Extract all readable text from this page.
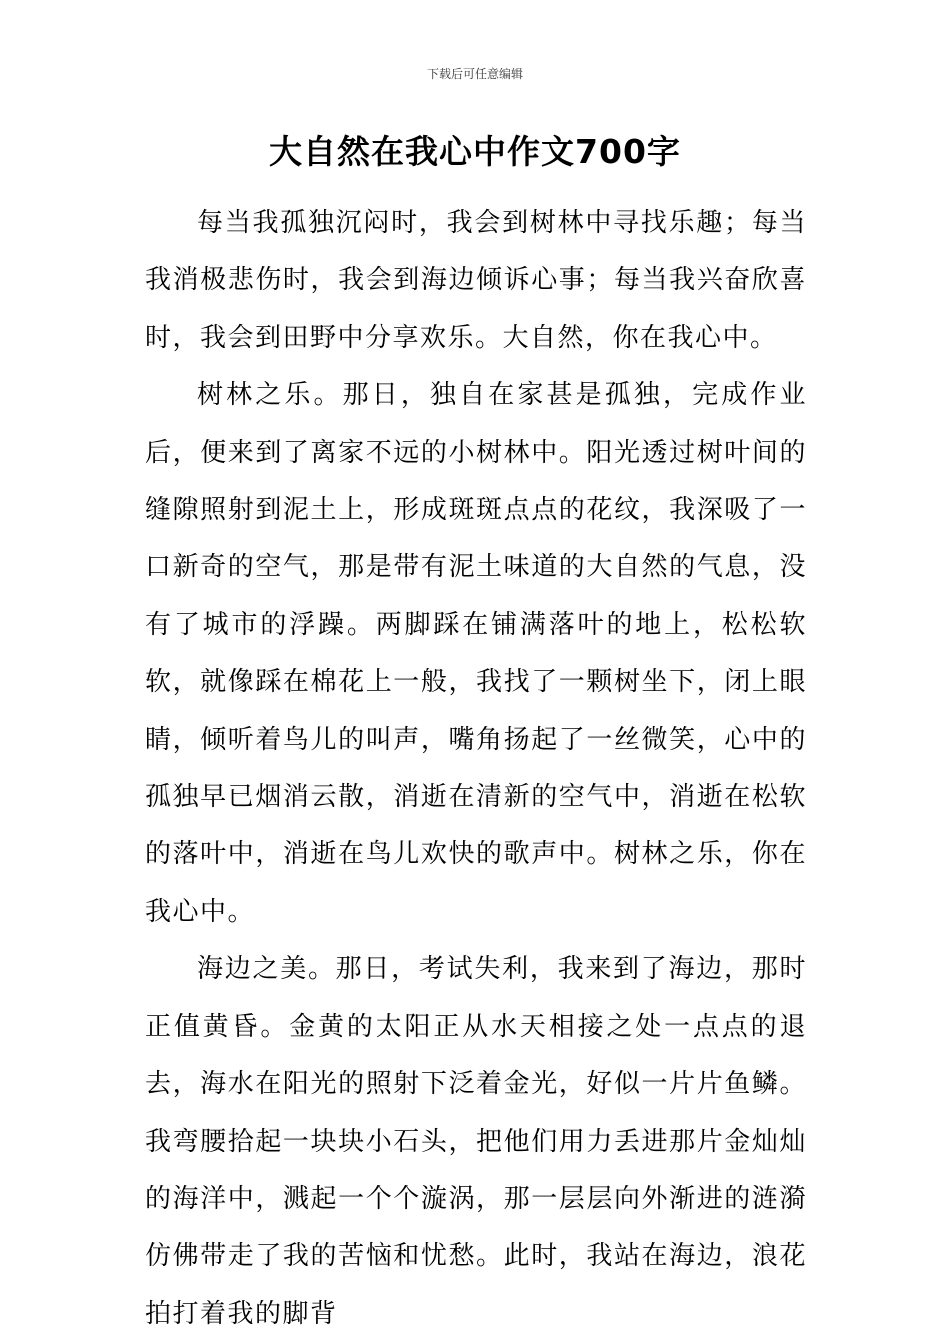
下载后可任意编辑
大自然在我心中作文700字

每当我孤独沉闷时，我会到树林中寻找乐趣；每当我消极悲伤时，我会到海边倾诉心事；每当我兴奋欣喜时，我会到田野中分享欢乐。大自然，你在我心中。

树林之乐。那日，独自在家甚是孤独，完成作业后，便来到了离家不远的小树林中。阳光透过树叶间的缝隙照射到泥土上，形成斑斑点点的花纹，我深吸了一口新奇的空气，那是带有泥土味道的大自然的气息，没有了城市的浮躁。两脚踩在铺满落叶的地上，松松软软，就像踩在棉花上一般，我找了一颗树坐下，闭上眼睛，倾听着鸟儿的叫声，嘴角扬起了一丝微笑，心中的孤独早已烟消云散，消逝在清新的空气中，消逝在松软的落叶中，消逝在鸟儿欢快的歌声中。树林之乐，你在我心中。

海边之美。那日，考试失利，我来到了海边，那时正值黄昏。金黄的太阳正从水天相接之处一点点的退去，海水在阳光的照射下泛着金光，好似一片片鱼鳞。我弯腰拾起一块块小石头，把他们用力丢进那片金灿灿的海洋中，溅起一个个漩涡，那一层层向外渐进的涟漪仿佛带走了我的苦恼和忧愁。此时，我站在海边，浪花拍打着我的脚背
